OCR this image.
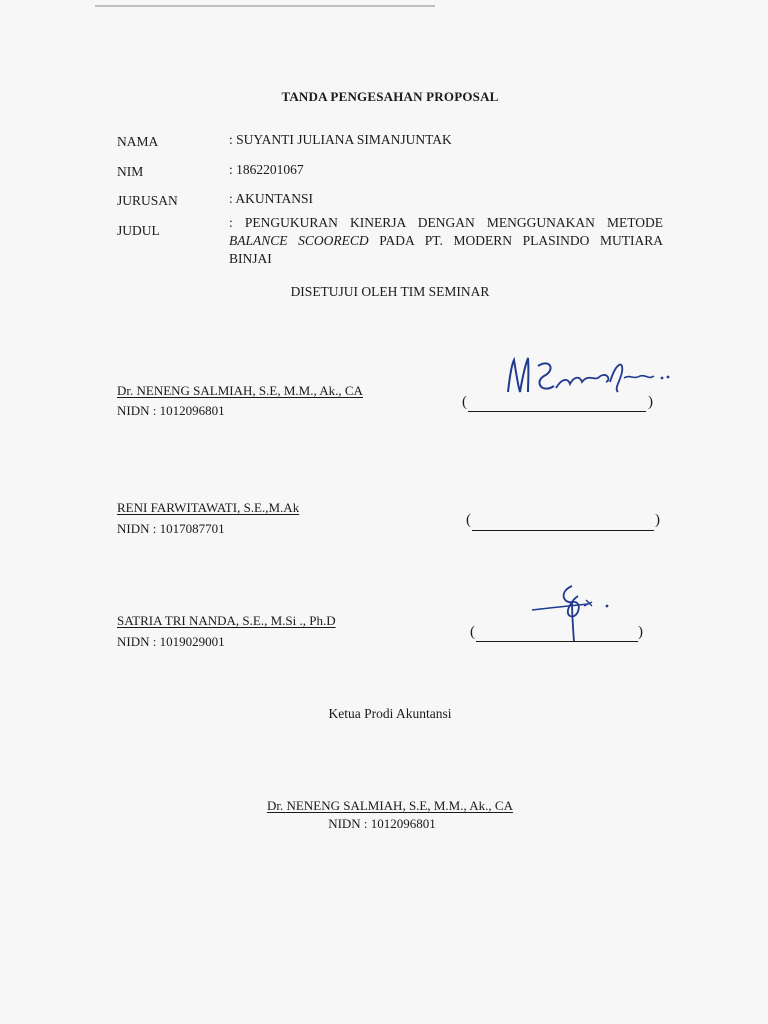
TANDA PENGESAHAN PROPOSAL
NAMA	: SUYANTI JULIANA SIMANJUNTAK
NIM	: 1862201067
JURUSAN	: AKUNTANSI
JUDUL
: PENGUKURAN KINERJA DENGAN MENGGUNAKAN METODE
BALANCE SCOORECD PADA PT. MODERN PLASINDO MUTIARA
BINJAI
DISETUJUI OLEH TIM SEMINAR
Dr. NENENG SALMIAH, S.E, M.M., Ak., CA
NIDN : 1012096801
(	)
RENI FARWITAWATI, S.E.,M.Ak
NIDN : 1017087701
(	)
SATRIA TRI NANDA, S.E., M.Si ., Ph.D
NIDN : 1019029001
(	)
Ketua Prodi Akuntansi
Dr. NENENG SALMIAH, S.E, M.M., Ak., CA
NIDN : 1012096801
